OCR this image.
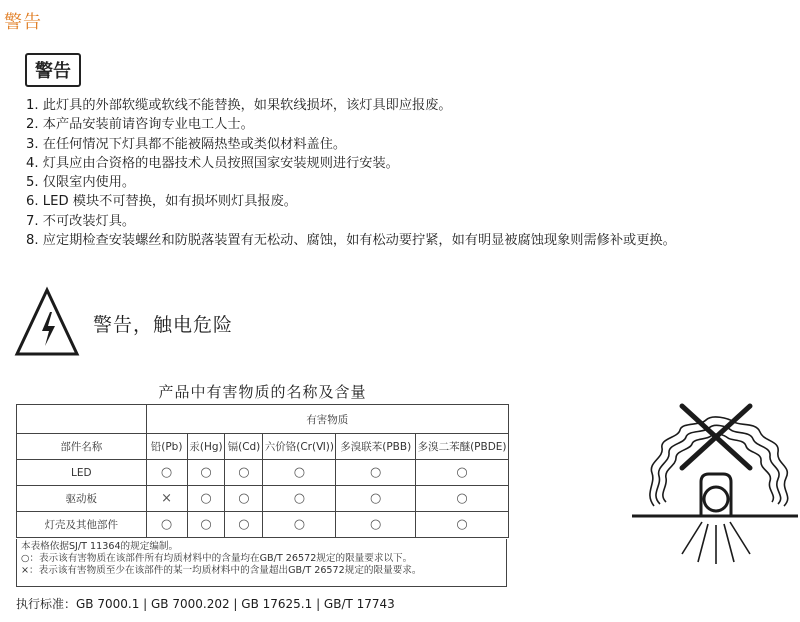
警告
警告
1. 此灯具的外部软缆或软线不能替换，如果软线损坏，该灯具即应报废。
2. 本产品安装前请咨询专业电工人士。
3. 在任何情况下灯具都不能被隔热垫或类似材料盖住。
4. 灯具应由合资格的电器技术人员按照国家安装规则进行安装。
5. 仅限室内使用。
6. LED 模块不可替换，如有损坏则灯具报废。
7. 不可改装灯具。
8. 应定期检查安装螺丝和防脱落装置有无松动、腐蚀，如有松动要拧紧，如有明显被腐蚀现象则需修补或更换。
警告，触电危险
产品中有害物质的名称及含量
	有害物质					
部件名称	铅(Pb)	汞(Hg)	镉(Cd)	六价铬(Cr(Ⅵ))	多溴联苯(PBB)	多溴二苯醚(PBDE)
LED	○	○	○	○	○	○
驱动板	×	○	○	○	○	○
灯壳及其他部件	○	○	○	○	○	○
本表格依据SJ/T 11364的规定编制。
○：表示该有害物质在该部件所有均质材料中的含量均在GB/T 26572规定的限量要求以下。
×：表示该有害物质至少在该部件的某一均质材料中的含量超出GB/T 26572规定的限量要求。
执行标准：GB 7000.1 | GB 7000.202 | GB 17625.1 | GB/T 17743
